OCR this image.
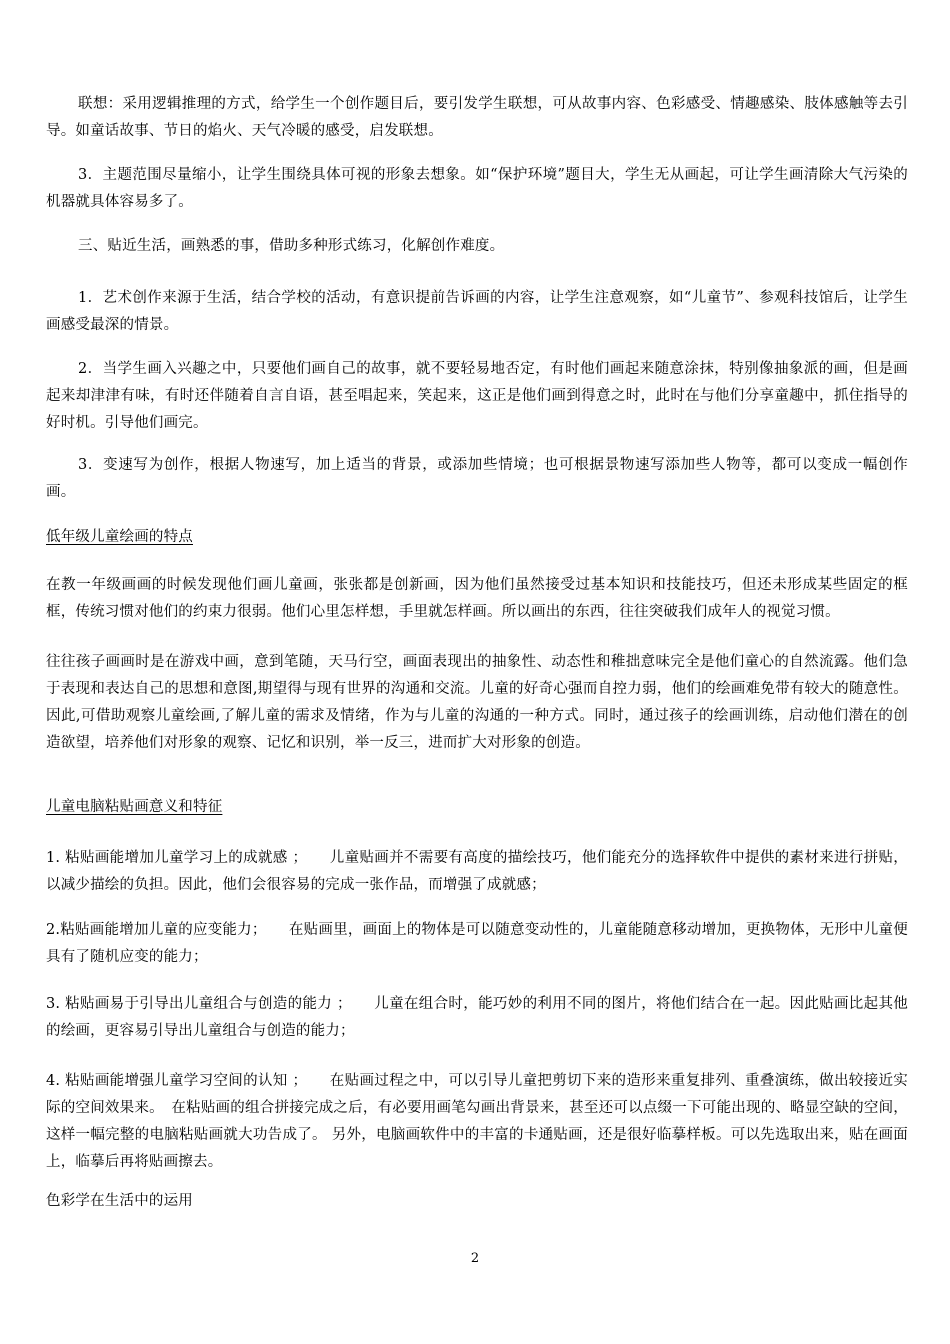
联想：采用逻辑推理的方式，给学生一个创作题目后，要引发学生联想，可从故事内容、色彩感受、情趣感染、肢体感触等去引导。如童话故事、节日的焰火、天气冷暖的感受，启发联想。

3．主题范围尽量缩小，让学生围绕具体可视的形象去想象。如“保护环境”题目大，学生无从画起，可让学生画清除大气污染的机器就具体容易多了。

三、贴近生活，画熟悉的事，借助多种形式练习，化解创作难度。

1．艺术创作来源于生活，结合学校的活动，有意识提前告诉画的内容，让学生注意观察，如“儿童节”、参观科技馆后，让学生画感受最深的情景。

2．当学生画入兴趣之中，只要他们画自己的故事，就不要轻易地否定，有时他们画起来随意涂抹，特别像抽象派的画，但是画起来却津津有味，有时还伴随着自言自语，甚至唱起来，笑起来，这正是他们画到得意之时，此时在与他们分享童趣中，抓住指导的好时机。引导他们画完。

3．变速写为创作，根据人物速写，加上适当的背景，或添加些情境；也可根据景物速写添加些人物等，都可以变成一幅创作画。

低年级儿童绘画的特点

在教一年级画画的时候发现他们画儿童画，张张都是创新画，因为他们虽然接受过基本知识和技能技巧，但还未形成某些固定的框框，传统习惯对他们的约束力很弱。他们心里怎样想，手里就怎样画。所以画出的东西，往往突破我们成年人的视觉习惯。

往往孩子画画时是在游戏中画，意到笔随，天马行空，画面表现出的抽象性、动态性和稚拙意味完全是他们童心的自然流露。他们急于表现和表达自己的思想和意图,期望得与现有世界的沟通和交流。儿童的好奇心强而自控力弱，他们的绘画难免带有较大的随意性。因此,可借助观察儿童绘画,了解儿童的需求及情绪，作为与儿童的沟通的一种方式。同时，通过孩子的绘画训练，启动他们潜在的创造欲望，培养他们对形象的观察、记忆和识别，举一反三，进而扩大对形象的创造。

儿童电脑粘贴画意义和特征

1. 粘贴画能增加儿童学习上的成就感 ；　　儿童贴画并不需要有高度的描绘技巧，他们能充分的选择软件中提供的素材来进行拼贴，以减少描绘的负担。因此，他们会很容易的完成一张作品，而增强了成就感；

2.粘贴画能增加儿童的应变能力；　　在贴画里，画面上的物体是可以随意变动性的，儿童能随意移动增加，更换物体，无形中儿童便具有了随机应变的能力；

3. 粘贴画易于引导出儿童组合与创造的能力 ；　　儿童在组合时，能巧妙的利用不同的图片，将他们结合在一起。因此贴画比起其他的绘画，更容易引导出儿童组合与创造的能力；

4. 粘贴画能增强儿童学习空间的认知 ；　　在贴画过程之中，可以引导儿童把剪切下来的造形来重复排列、重叠演练，做出较接近实际的空间效果来。　在粘贴画的组合拼接完成之后，有必要用画笔勾画出背景来，甚至还可以点缀一下可能出现的、略显空缺的空间，这样一幅完整的电脑粘贴画就大功告成了。 另外，电脑画软件中的丰富的卡通贴画，还是很好临摹样板。可以先选取出来，贴在画面上，临摹后再将贴画擦去。

色彩学在生活中的运用

2
